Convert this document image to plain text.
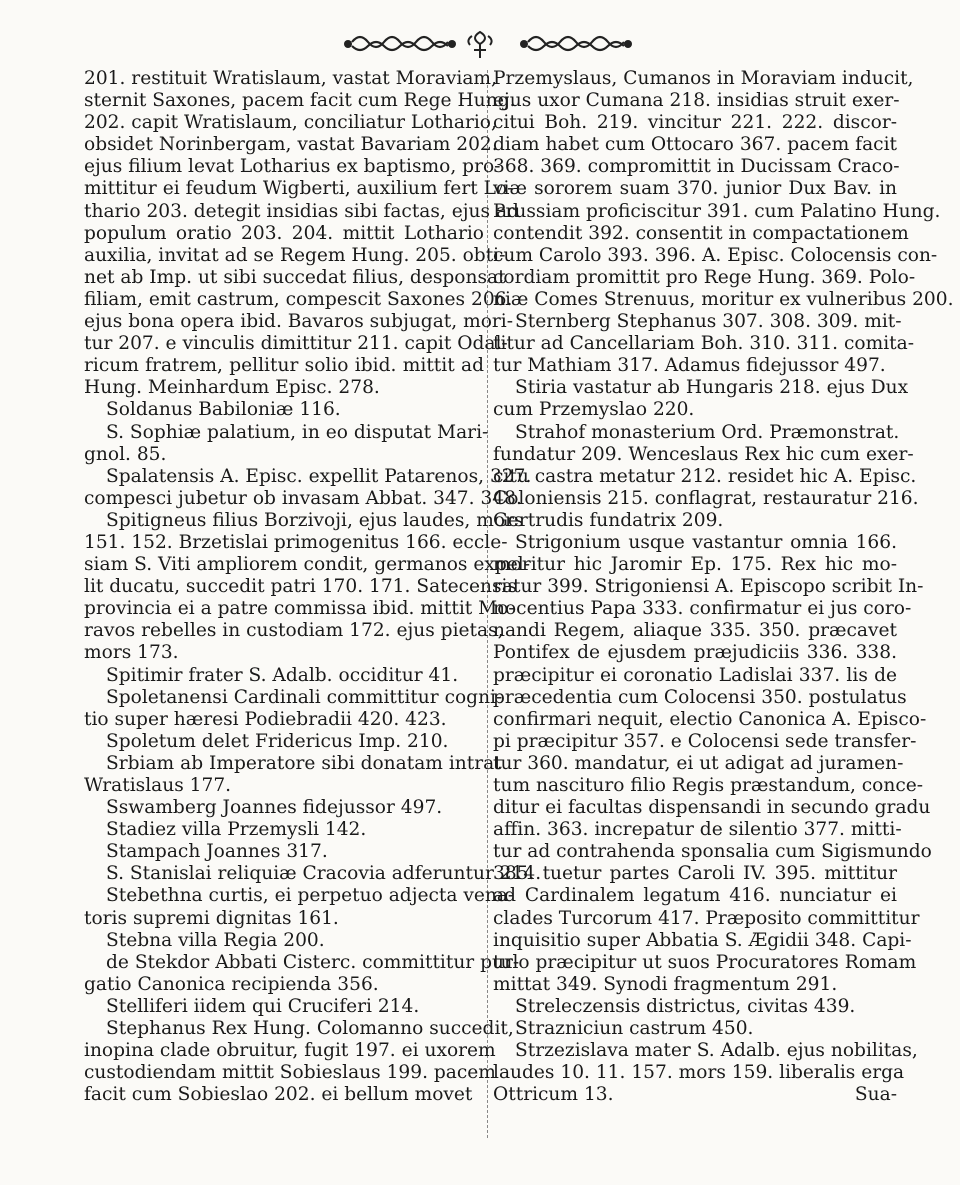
201. restituit Wratislaum, vastat Moraviam,
sternit Saxones, pacem facit cum Rege Hung.
202. capit Wratislaum, conciliatur Lothario,
obsidet Norinbergam, vastat Bavariam 202.
ejus filium levat Lotharius ex baptismo, pro-
mittitur ei feudum Wigberti, auxilium fert Lo-
thario 203. detegit insidias sibi factas, ejus ad
populum oratio 203. 204. mittit Lothario
auxilia, invitat ad se Regem Hung. 205. obti-
net ab Imp. ut sibi succedat filius, desponsat
filiam, emit castrum, compescit Saxones 206.
ejus bona opera ibid. Bavaros subjugat, mori-
tur 207. e vinculis dimittitur 211. capit Odal-
ricum fratrem, pellitur solio ibid. mittit ad
Hung. Meinhardum Episc. 278.
Soldanus Babiloniæ 116.
S. Sophiæ palatium, in eo disputat Mari-
gnol. 85.
Spalatensis A. Episc. expellit Patarenos, 327.
compesci jubetur ob invasam Abbat. 347. 348.
Spitigneus filius Borzivoji, ejus laudes, mors
151. 152. Brzetislai primogenitus 166. eccle-
siam S. Viti ampliorem condit, germanos expel-
lit ducatu, succedit patri 170. 171. Satecensis
provincia ei a patre commissa ibid. mittit Mo-
ravos rebelles in custodiam 172. ejus pietas,
mors 173.
Spitimir frater S. Adalb. occiditur 41.
Spoletanensi Cardinali committitur cogni-
tio super hæresi Podiebradii 420. 423.
Spoletum delet Fridericus Imp. 210.
Srbiam ab Imperatore sibi donatam intrat
Wratislaus 177.
Sswamberg Joannes fidejussor 497.
Stadiez villa Przemysli 142.
Stampach Joannes 317.
S. Stanislai reliquiæ Cracovia adferuntur 214.
Stebethna curtis, ei perpetuo adjecta vena-
toris supremi dignitas 161.
Stebna villa Regia 200.
de Stekdor Abbati Cisterc. committitur pur-
gatio Canonica recipienda 356.
Stelliferi iidem qui Cruciferi 214.
Stephanus Rex Hung. Colomanno succedit,
inopina clade obruitur, fugit 197. ei uxorem
custodiendam mittit Sobieslaus 199. pacem
facit cum Sobieslao 202. ei bellum movet
Przemyslaus, Cumanos in Moraviam inducit,
ejus uxor Cumana 218. insidias struit exer-
citui Boh. 219. vincitur 221. 222. discor-
diam habet cum Ottocaro 367. pacem facit
368. 369. compromittit in Ducissam Craco-
viæ sororem suam 370. junior Dux Bav. in
Prussiam proficiscitur 391. cum Palatino Hung.
contendit 392. consentit in compactationem
cum Carolo 393. 396. A. Episc. Colocensis con-
cordiam promittit pro Rege Hung. 369. Polo-
niæ Comes Strenuus, moritur ex vulneribus 200.
Sternberg Stephanus 307. 308. 309. mit-
titur ad Cancellariam Boh. 310. 311. comita-
tur Mathiam 317. Adamus fidejussor 497.
Stiria vastatur ab Hungaris 218. ejus Dux
cum Przemyslao 220.
Strahof monasterium Ord. Præmonstrat.
fundatur 209. Wenceslaus Rex hic cum exer-
citu castra metatur 212. residet hic A. Episc.
Coloniensis 215. conflagrat, restauratur 216.
Gertrudis fundatrix 209.
Strigonium usque vastantur omnia 166.
moritur hic Jaromir Ep. 175. Rex hic mo-
ratur 399. Strigoniensi A. Episcopo scribit In-
nocentius Papa 333. confirmatur ei jus coro-
nandi Regem, aliaque 335. 350. præcavet
Pontifex de ejusdem præjudiciis 336. 338.
præcipitur ei coronatio Ladislai 337. lis de
præcedentia cum Colocensi 350. postulatus
confirmari nequit, electio Canonica A. Episco-
pi præcipitur 357. e Colocensi sede transfer-
tur 360. mandatur, ei ut adigat ad juramen-
tum nasciturо filio Regis præstandum, conce-
ditur ei facultas dispensandi in secundo gradu
affin. 363. increpatur de silentio 377. mitti-
tur ad contrahenda sponsalia cum Sigismundo
385. tuetur partes Caroli IV. 395. mittitur
ad Cardinalem legatum 416. nunciatur ei
clades Turcorum 417. Præposito committitur
inquisitio super Abbatia S. Ægidii 348. Capi-
tulo præcipitur ut suos Procuratores Romam
mittat 349. Synodi fragmentum 291.
Streleczensis districtus, civitas 439.
Strazniciun castrum 450.
Strzezislava mater S. Adalb. ejus nobilitas,
laudes 10. 11. 157. mors 159. liberalis erga
Ottricum 13.	Sua-
